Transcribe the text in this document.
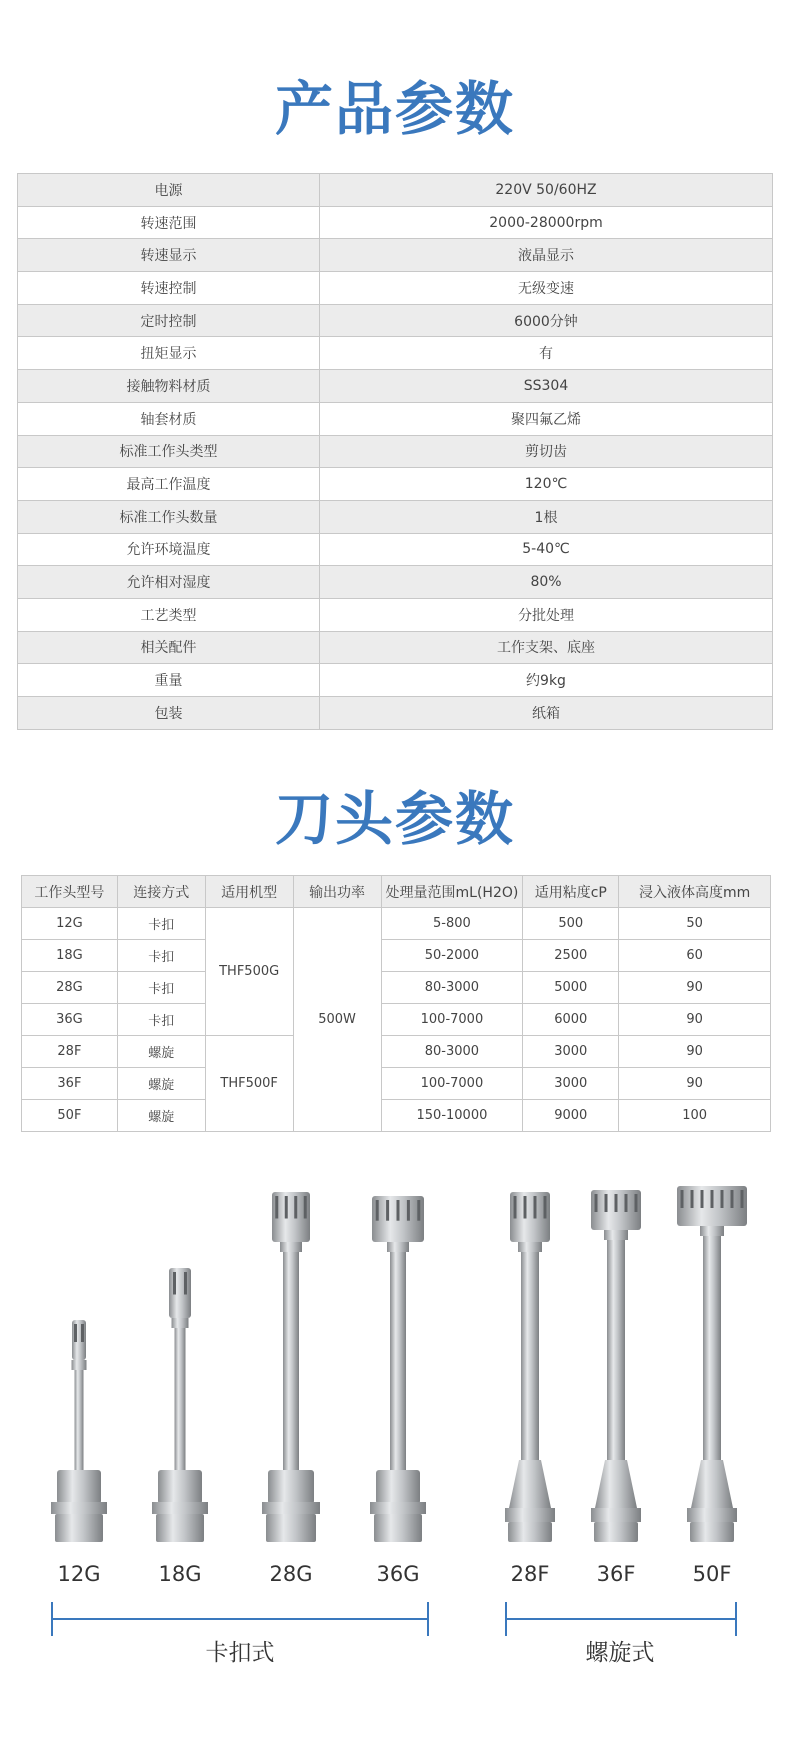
产品参数
电源	220V 50/60HZ
转速范围	2000-28000rpm
转速显示	液晶显示
转速控制	无级变速
定时控制	6000分钟
扭矩显示	有
接触物料材质	SS304
轴套材质	聚四氟乙烯
标准工作头类型	剪切齿
最高工作温度	120℃
标准工作头数量	1根
允许环境温度	5-40℃
允许相对湿度	80%
工艺类型	分批处理
相关配件	工作支架、底座
重量	约9kg
包装	纸箱
刀头参数
工作头型号	连接方式	适用机型	输出功率	处理量范围mL(H2O)	适用粘度cP	浸入液体高度mm
12G	卡扣	THF500G	500W	5-800	500	50
18G	卡扣			50-2000	2500	60
28G	卡扣			80-3000	5000	90
36G	卡扣			100-7000	6000	90
28F	螺旋	THF500F		80-3000	3000	90
36F	螺旋			100-7000	3000	90
50F	螺旋			150-10000	9000	100
12G	18G	28G	36G	28F	36F	50F
卡扣式	螺旋式
